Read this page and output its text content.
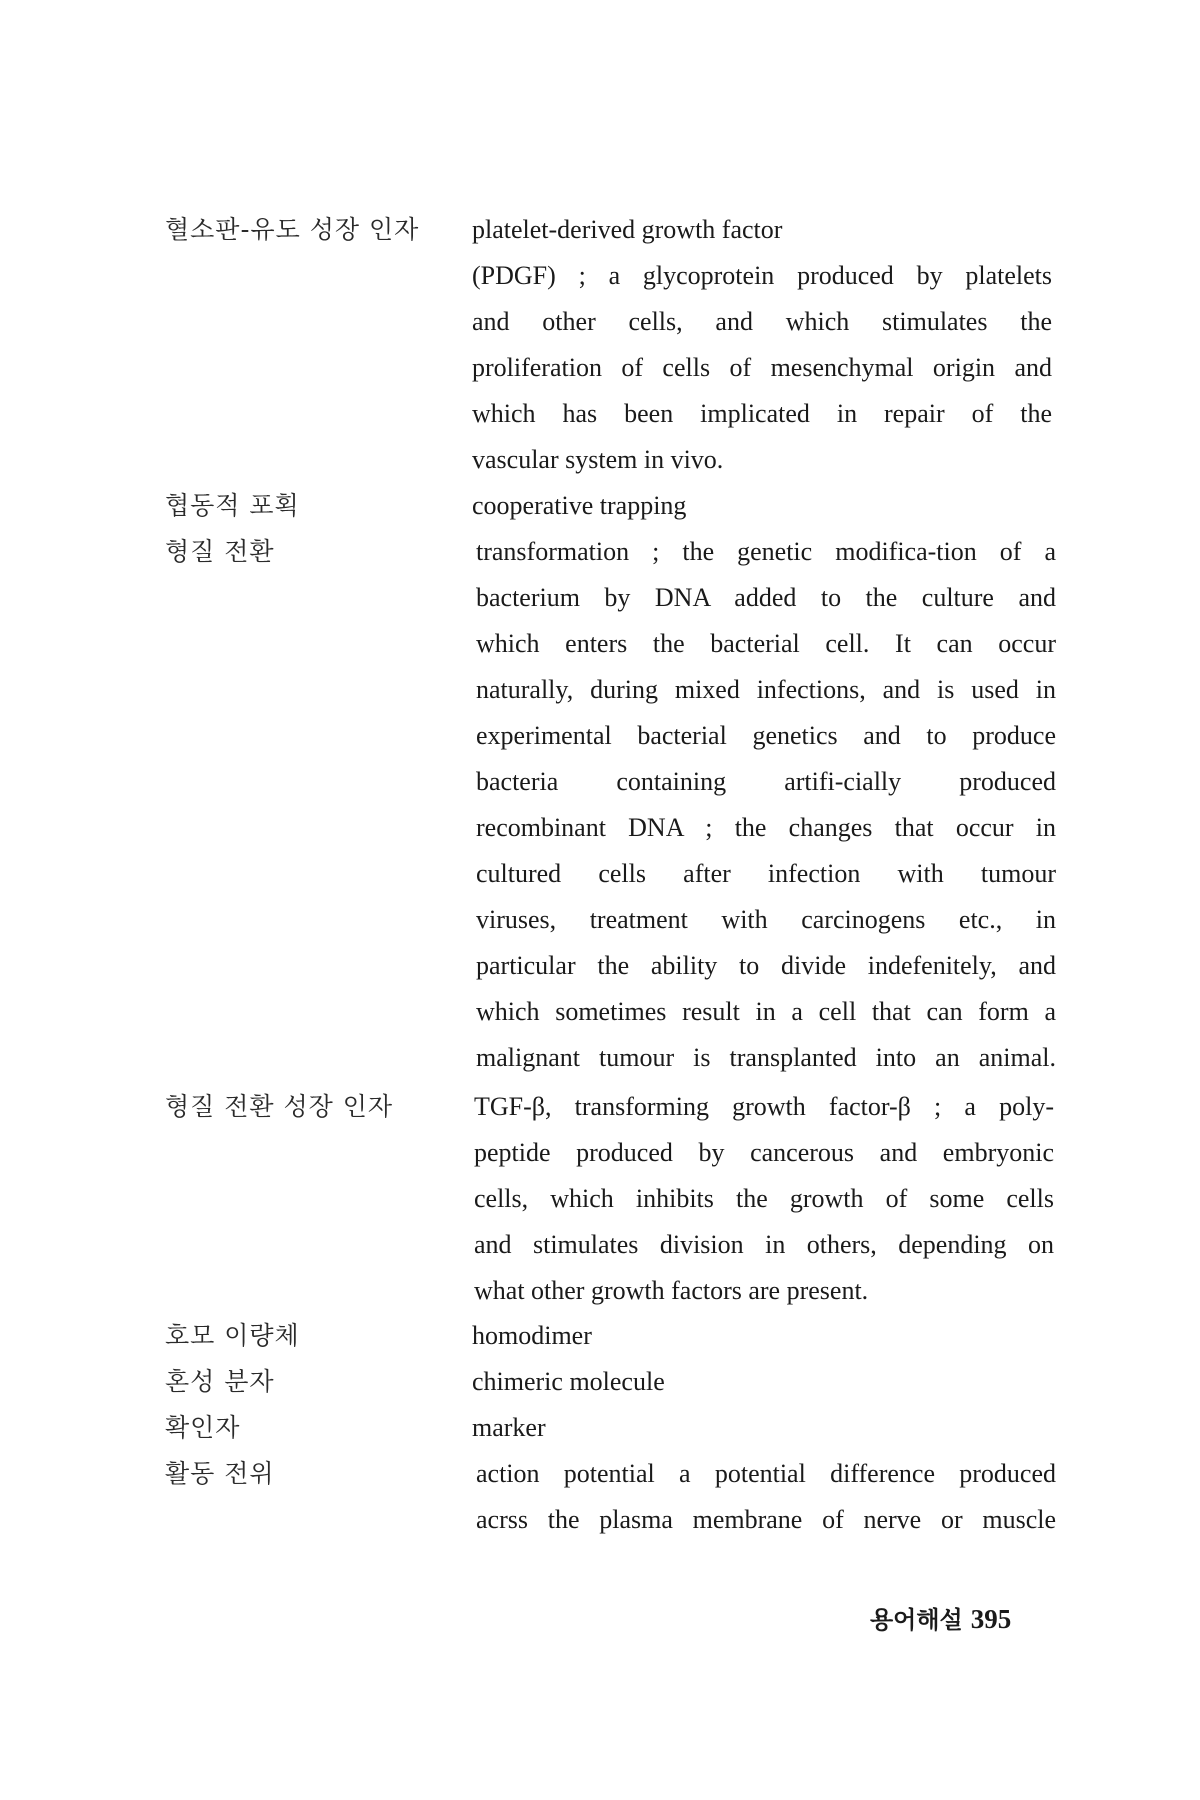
혈소판-유도 성장 인자	platelet-derived growth factor
(PDGF) ; a glycoprotein produced by platelets
and other cells, and which stimulates the
proliferation of cells of mesenchymal origin and
which has been implicated in repair of the
vascular system in vivo.
협동적 포획	cooperative trapping
형질 전환	transformation ; the genetic modifica-tion of a
bacterium by DNA added to the culture and
which enters the bacterial cell. It can occur
naturally, during mixed infections, and is used in
experimental bacterial genetics and to produce
bacteria containing artifi-cially produced
recombinant DNA ; the changes that occur in
cultured cells after infection with tumour
viruses, treatment with carcinogens etc., in
particular the ability to divide indefenitely, and
which sometimes result in a cell that can form a
malignant tumour is transplanted into an animal.
형질 전환 성장 인자	TGF-β, transforming growth factor-β ; a poly-
peptide produced by cancerous and embryonic
cells, which inhibits the growth of some cells
and stimulates division in others, depending on
what other growth factors are present.
호모 이량체	homodimer
혼성 분자	chimeric molecule
확인자	marker
활동 전위	action potential a potential difference produced
acrss the plasma membrane of nerve or muscle
용어해설 395
